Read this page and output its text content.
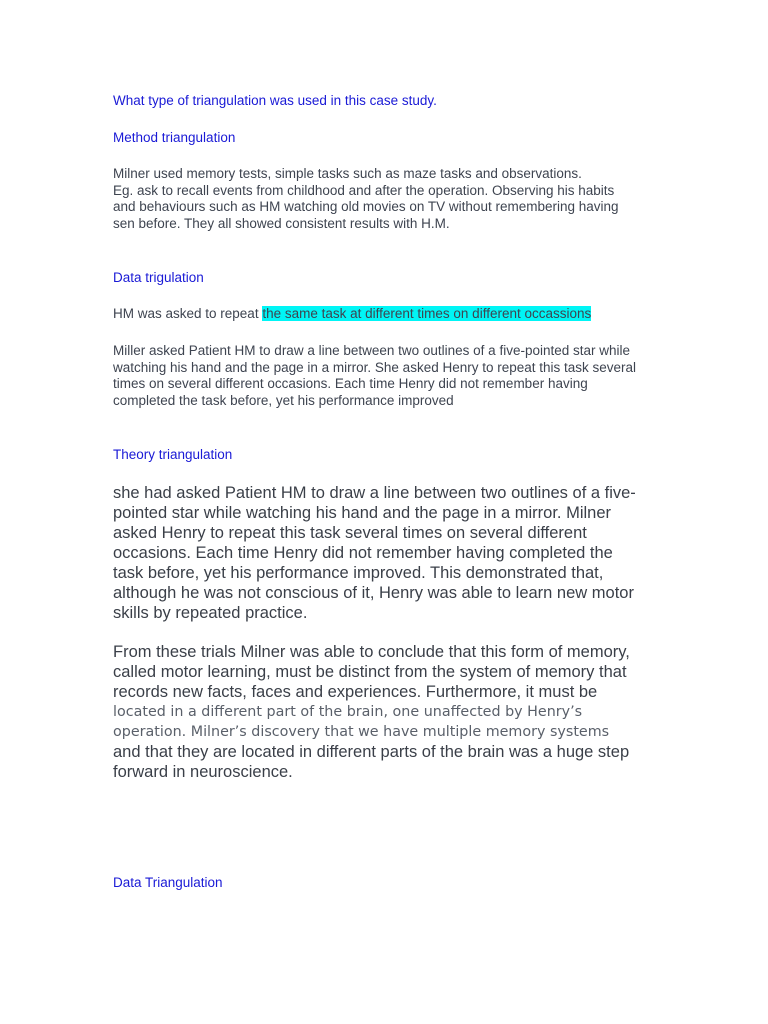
What type of triangulation was used in this case study.

Method triangulation

Milner used memory tests, simple tasks such as maze tasks and observations.
Eg. ask to recall events from childhood and after the operation. Observing his habits
and behaviours such as HM watching old movies on TV without remembering having
sen before. They all showed consistent results with H.M.

Data trigulation

HM was asked to repeat the same task at different times on different occassions

Miller asked Patient HM to draw a line between two outlines of a five-pointed star while
watching his hand and the page in a mirror. She asked Henry to repeat this task several
times on several different occasions. Each time Henry did not remember having
completed the task before, yet his performance improved

Theory triangulation

she had asked Patient HM to draw a line between two outlines of a five-
pointed star while watching his hand and the page in a mirror. Milner
asked Henry to repeat this task several times on several different
occasions. Each time Henry did not remember having completed the
task before, yet his performance improved. This demonstrated that,
although he was not conscious of it, Henry was able to learn new motor
skills by repeated practice.
From these trials Milner was able to conclude that this form of memory,
called motor learning, must be distinct from the system of memory that
records new facts, faces and experiences. Furthermore, it must be
located in a different part of the brain, one unaffected by Henry’s
operation. Milner’s discovery that we have multiple memory systems
and that they are located in different parts of the brain was a huge step
forward in neuroscience.

Data Triangulation
